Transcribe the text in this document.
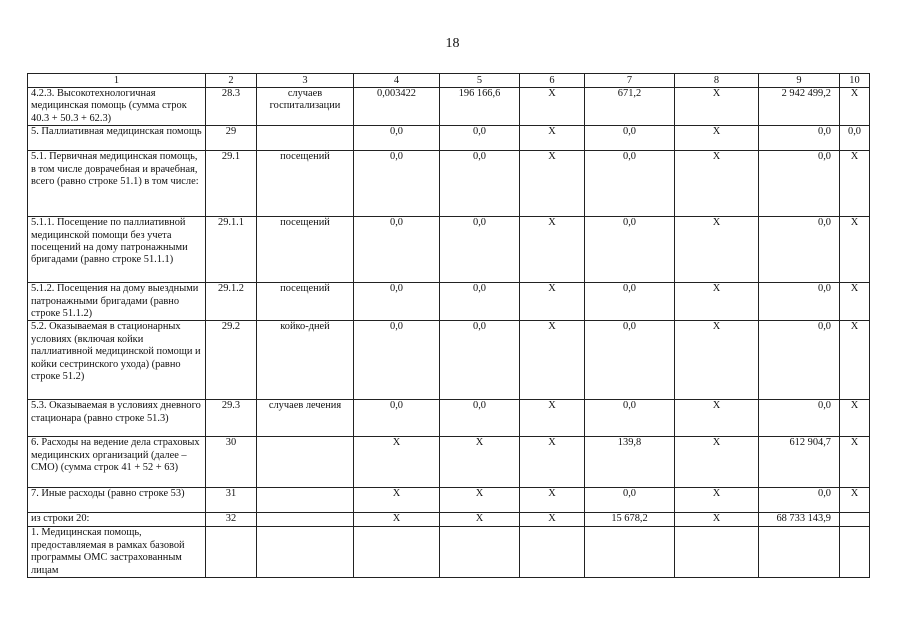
18
1	2	3	4	5	6	7	8	9	10
4.2.3. Высокотехнологичная медицинская помощь (сумма строк 40.3 + 50.3 + 62.3)	28.3	случаев госпитализации	0,003422	196 166,6	X	671,2	X	2 942 499,2	X
5. Паллиативная медицинская помощь	29		0,0	0,0	X	0,0	X	0,0	0,0
5.1. Первичная медицинская помощь, в том числе доврачебная и врачебная, всего (равно строке 51.1) в том числе:	29.1	посещений	0,0	0,0	X	0,0	X	0,0	X
5.1.1. Посещение по паллиативной медицинской помощи без учета посещений на дому патронажными бригадами (равно строке 51.1.1)	29.1.1	посещений	0,0	0,0	X	0,0	X	0,0	X
5.1.2. Посещения на дому выездными патронажными бригадами (равно строке 51.1.2)	29.1.2	посещений	0,0	0,0	X	0,0	X	0,0	X
5.2. Оказываемая в стационарных условиях (включая койки паллиативной медицинской помощи и койки сестринского ухода) (равно строке 51.2)	29.2	койко-дней	0,0	0,0	X	0,0	X	0,0	X
5.3. Оказываемая в условиях дневного стационара (равно строке 51.3)	29.3	случаев лечения	0,0	0,0	X	0,0	X	0,0	X
6. Расходы на ведение дела страховых медицинских организаций (далее – СМО) (сумма строк 41 + 52 + 63)	30		X	X	X	139,8	X	612 904,7	X
7. Иные расходы (равно строке 53)	31		X	X	X	0,0	X	0,0	X
из строки 20:	32		X	X	X	15 678,2	X	68 733 143,9	
1. Медицинская помощь, предоставляемая в рамках базовой программы ОМС застрахованным лицам									
